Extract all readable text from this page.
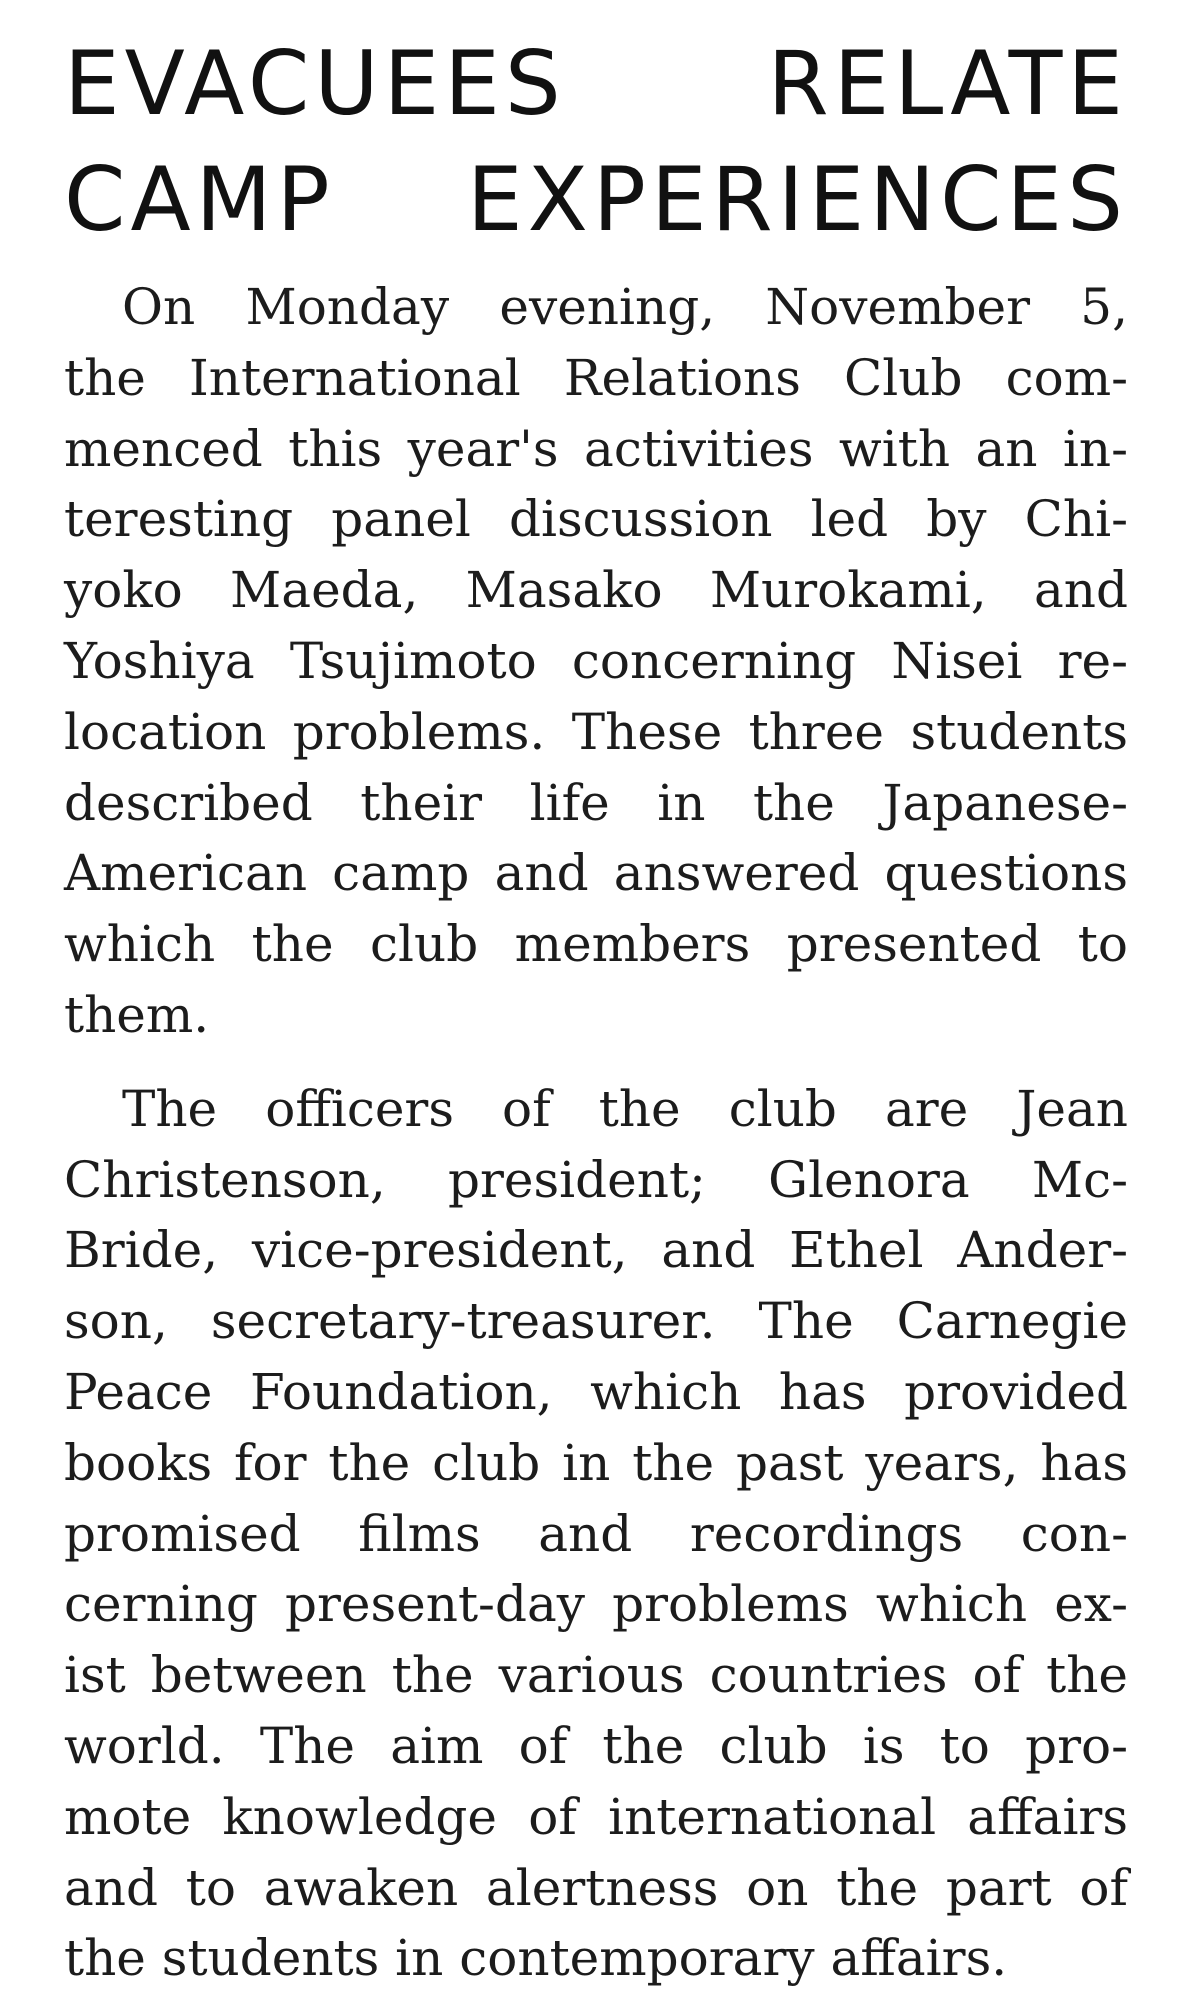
EVACUEES RELATE
CAMP EXPERIENCES

On Monday evening, November 5,
the International Relations Club com-
menced this year's activities with an in-
teresting panel discussion led by Chi-
yoko Maeda, Masako Murokami, and
Yoshiya Tsujimoto concerning Nisei re-
location problems. These three students
described their life in the Japanese-
American camp and answered questions
which the club members presented to
them.

The officers of the club are Jean
Christenson, president; Glenora Mc-
Bride, vice-president, and Ethel Ander-
son, secretary-treasurer. The Carnegie
Peace Foundation, which has provided
books for the club in the past years, has
promised films and recordings con-
cerning present-day problems which ex-
ist between the various countries of the
world. The aim of the club is to pro-
mote knowledge of international affairs
and to awaken alertness on the part of
the students in contemporary affairs.
